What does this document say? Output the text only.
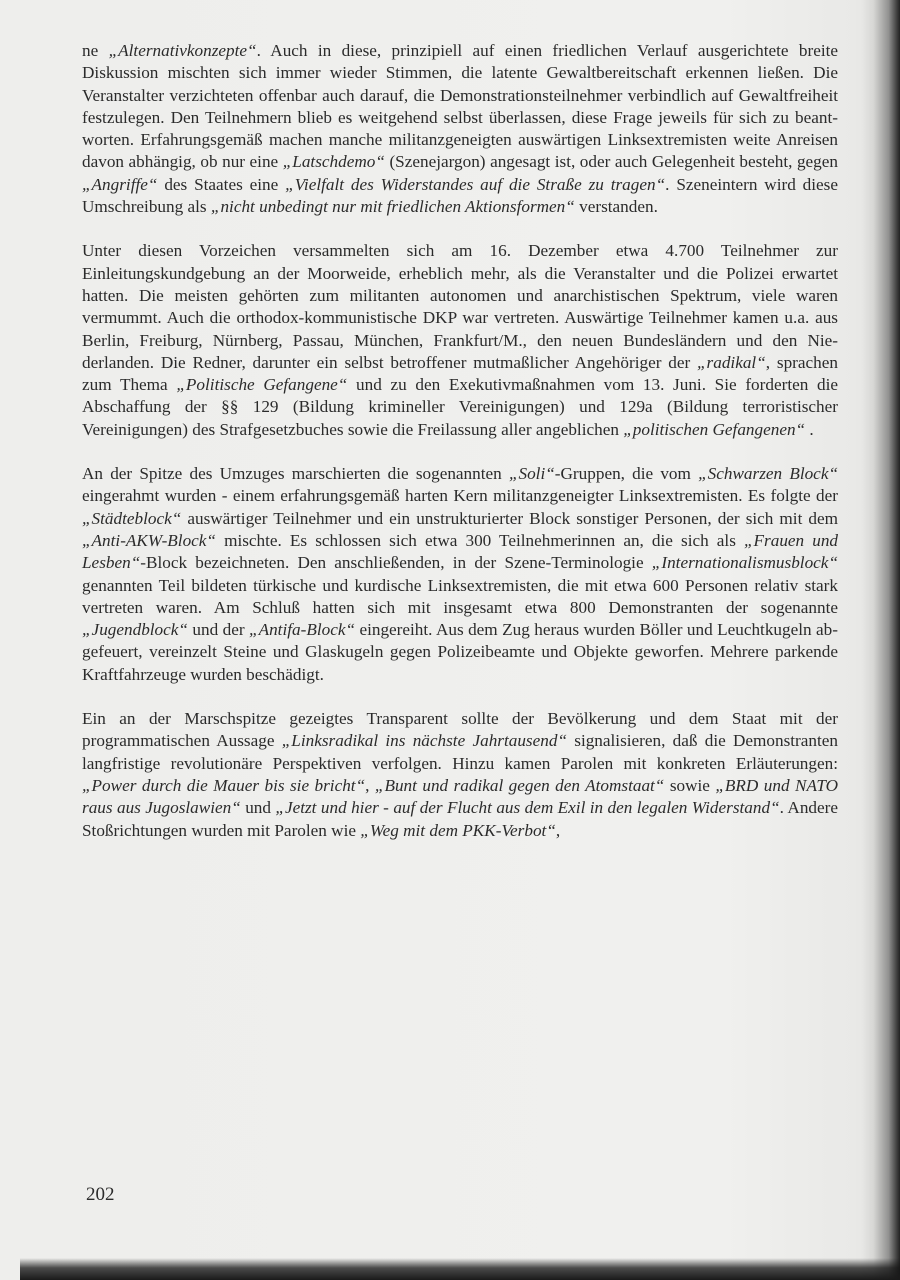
ne „Alternativkonzepte“. Auch in diese, prinzipiell auf einen friedlichen Verlauf ausgerichtete breite Diskussion mischten sich immer wieder Stimmen, die latente Gewaltbereitschaft erkennen ließen. Die Veranstalter verzichteten offenbar auch darauf, die Demonstrationsteilnehmer verbindlich auf Gewaltfreiheit festzulegen. Den Teilnehmern blieb es weitgehend selbst überlassen, diese Frage jeweils für sich zu beantworten. Erfahrungsgemäß machen manche militanzgeneigten auswärtigen Linksextremisten weite Anreisen davon abhängig, ob nur eine „Latschdemo“ (Szenejargon) angesagt ist, oder auch Gelegenheit besteht, gegen „Angriffe“ des Staates eine „Vielfalt des Widerstandes auf die Straße zu tragen“. Szeneintern wird diese Umschreibung als „nicht unbedingt nur mit friedlichen Aktionsformen“ verstanden.

Unter diesen Vorzeichen versammelten sich am 16. Dezember etwa 4.700 Teilnehmer zur Einleitungskundgebung an der Moorweide, erheblich mehr, als die Veranstalter und die Polizei erwartet hatten. Die meisten gehörten zum militanten autonomen und anarchistischen Spektrum, viele waren vermummt. Auch die orthodox-kommunistische DKP war vertreten. Auswärtige Teilnehmer kamen u.a. aus Berlin, Freiburg, Nürnberg, Passau, München, Frankfurt/M., den neuen Bundesländern und den Niederlanden. Die Redner, darunter ein selbst betroffener mutmaßlicher Angehöriger der „radikal“, sprachen zum Thema „Politische Gefangene“ und zu den Exekutivmaßnahmen vom 13. Juni. Sie forderten die Abschaffung der §§ 129 (Bildung krimineller Vereinigungen) und 129a (Bildung terroristischer Vereinigungen) des Strafgesetzbuches sowie die Freilassung aller angeblichen „politischen Gefangenen“ .

An der Spitze des Umzuges marschierten die sogenannten „Soli“-Gruppen, die vom „Schwarzen Block“ eingerahmt wurden - einem erfahrungsgemäß harten Kern militanzgeneigter Linksextremisten. Es folgte der „Städteblock“ auswärtiger Teilnehmer und ein unstrukturierter Block sonstiger Personen, der sich mit dem „Anti-AKW-Block“ mischte. Es schlossen sich etwa 300 Teilnehmerinnen an, die sich als „Frauen und Lesben“-Block bezeichneten. Den anschließenden, in der Szene-Terminologie „Internationalismusblock“ genannten Teil bildeten türkische und kurdische Linksextremisten, die mit etwa 600 Personen relativ stark vertreten waren. Am Schluß hatten sich mit insgesamt etwa 800 Demonstranten der sogenannte „Jugendblock“ und der „Antifa-Block“ eingereiht. Aus dem Zug heraus wurden Böller und Leuchtkugeln abgefeuert, vereinzelt Steine und Glaskugeln gegen Polizeibeamte und Objekte geworfen. Mehrere parkende Kraftfahrzeuge wurden beschädigt.

Ein an der Marschspitze gezeigtes Transparent sollte der Bevölkerung und dem Staat mit der programmatischen Aussage „Linksradikal ins nächste Jahrtausend“ signalisieren, daß die Demonstranten langfristige revolutionäre Perspektiven verfolgen. Hinzu kamen Parolen mit konkreten Erläuterungen: „Power durch die Mauer bis sie bricht“, „Bunt und radikal gegen den Atomstaat“ sowie „BRD und NATO raus aus Jugoslawien“ und „Jetzt und hier - auf der Flucht aus dem Exil in den legalen Widerstand“. Andere Stoßrichtungen wurden mit Parolen wie „Weg mit dem PKK-Verbot“,

202
